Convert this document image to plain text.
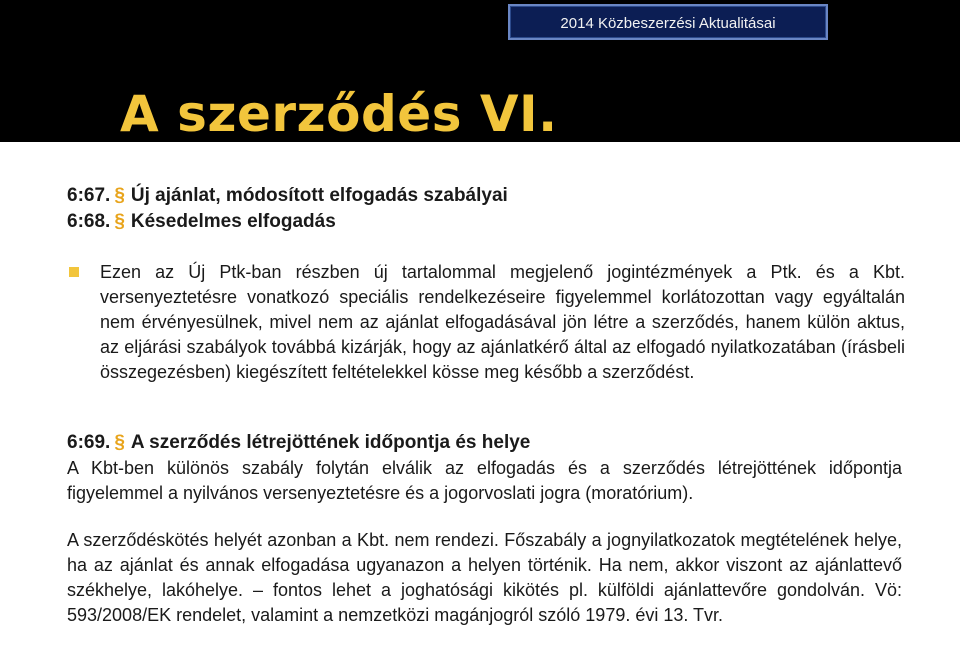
2014 Közbeszerzési Aktualitásai
A szerződés VI.
6:67. § Új ajánlat, módosított elfogadás szabályai
6:68. § Késedelmes elfogadás
Ezen az Új Ptk-ban részben új tartalommal megjelenő jogintézmények a Ptk. és a Kbt. versenyeztetésre vonatkozó speciális rendelkezéseire figyelemmel korlátozottan vagy egyáltalán nem érvényesülnek, mivel nem az ajánlat elfogadásával jön létre a szerződés, hanem külön aktus, az eljárási szabályok továbbá kizárják, hogy az ajánlatkérő által az elfogadó nyilatkozatában (írásbeli összegezésben) kiegészített feltételekkel kösse meg később a szerződést.
6:69. § A szerződés létrejöttének időpontja és helye
A Kbt-ben különös szabály folytán elválik az elfogadás és a szerződés létrejöttének időpontja figyelemmel a nyilvános versenyeztetésre és a jogorvoslati jogra (moratórium).
A szerződéskötés helyét azonban a Kbt. nem rendezi. Főszabály a jognyilatkozatok megtételének helye, ha az ajánlat és annak elfogadása ugyanazon a helyen történik. Ha nem, akkor viszont az ajánlattevő székhelye, lakóhelye. – fontos lehet a joghatósági kikötés pl. külföldi ajánlattevőre gondolván. Vö: 593/2008/EK rendelet, valamint a nemzetközi magánjogról szóló 1979. évi 13. Tvr.
